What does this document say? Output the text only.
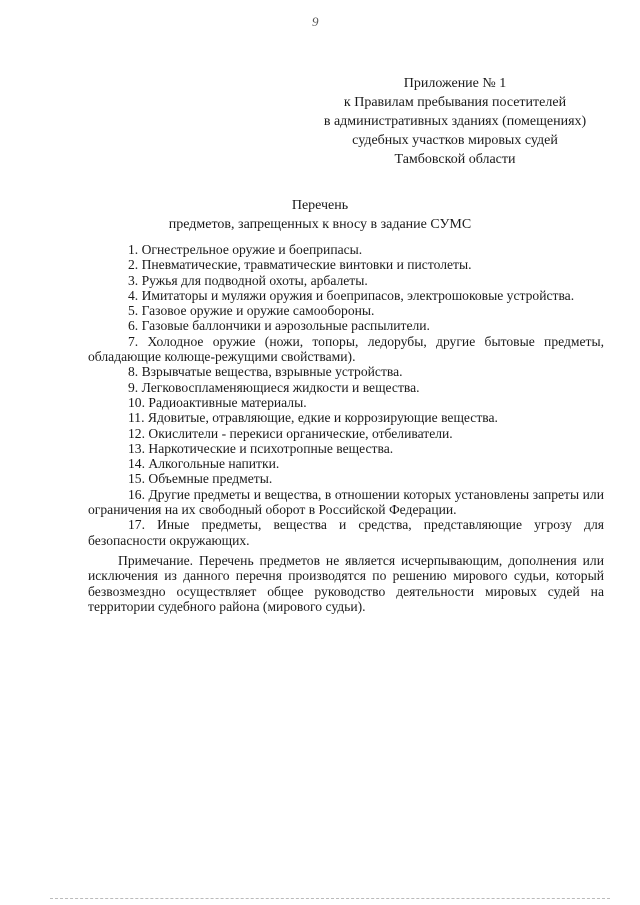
9
Приложение № 1
к Правилам пребывания посетителей
в административных зданиях (помещениях)
судебных участков мировых судей
Тамбовской области
Перечень
предметов, запрещенных к вносу в задание СУМС

1. Огнестрельное оружие и боеприпасы.

2. Пневматические, травматические винтовки и пистолеты.

3. Ружья для подводной охоты, арбалеты.

4. Имитаторы и муляжи оружия и боеприпасов, электрошоковые устройства.

5. Газовое оружие и оружие самообороны.

6. Газовые баллончики и аэрозольные распылители.

7. Холодное оружие (ножи, топоры, ледорубы, другие бытовые предметы, обладающие колюще-режущими свойствами).

8. Взрывчатые вещества, взрывные устройства.

9. Легковоспламеняющиеся жидкости и вещества.

10. Радиоактивные материалы.

11. Ядовитые, отравляющие, едкие и коррозирующие вещества.

12. Окислители - перекиси органические, отбеливатели.

13. Наркотические и психотропные вещества.

14. Алкогольные напитки.

15. Объемные предметы.

16. Другие предметы и вещества, в отношении которых установлены запреты или ограничения на их свободный оборот в Российской Федерации.

17. Иные предметы, вещества и средства, представляющие угрозу для безопасности окружающих.

Примечание. Перечень предметов не является исчерпывающим, дополнения или исключения из данного перечня производятся по решению мирового судьи, который безвозмездно осуществляет общее руководство деятельности мировых судей на территории судебного района (мирового судьи).
